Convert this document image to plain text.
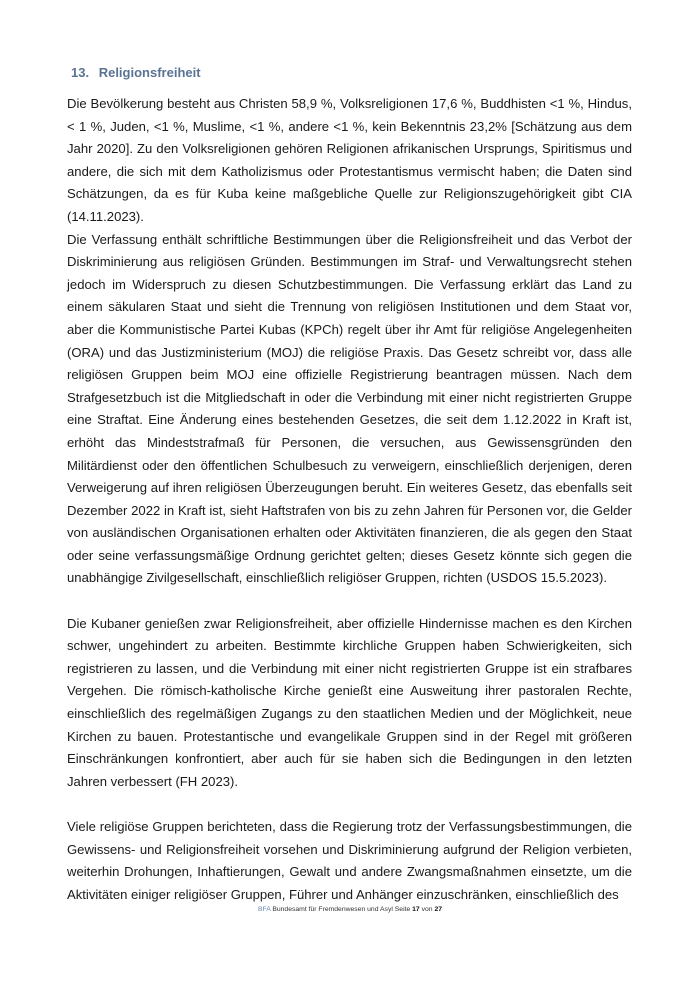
13. Religionsfreiheit

Die Bevölkerung besteht aus Christen 58,9 %, Volksreligionen 17,6 %, Buddhisten <1 %, Hindus, < 1 %, Juden, <1 %, Muslime, <1 %, andere <1 %, kein Bekenntnis 23,2% [Schätzung aus dem Jahr 2020]. Zu den Volksreligionen gehören Religionen afrikanischen Ursprungs, Spiritismus und andere, die sich mit dem Katholizismus oder Protestantismus vermischt haben; die Daten sind Schätzungen, da es für Kuba keine maßgebliche Quelle zur Religionszugehörigkeit gibt CIA (14.11.2023).

Die Verfassung enthält schriftliche Bestimmungen über die Religionsfreiheit und das Verbot der Diskriminierung aus religiösen Gründen. Bestimmungen im Straf- und Verwaltungsrecht stehen jedoch im Widerspruch zu diesen Schutzbestimmungen. Die Verfassung erklärt das Land zu einem säkularen Staat und sieht die Trennung von religiösen Institutionen und dem Staat vor, aber die Kommunistische Partei Kubas (KPCh) regelt über ihr Amt für religiöse Angelegenheiten (ORA) und das Justizministerium (MOJ) die religiöse Praxis. Das Gesetz schreibt vor, dass alle religiösen Gruppen beim MOJ eine offizielle Registrierung beantragen müssen. Nach dem Strafgesetzbuch ist die Mitgliedschaft in oder die Verbindung mit einer nicht registrierten Gruppe eine Straftat. Eine Änderung eines bestehenden Gesetzes, die seit dem 1.12.2022 in Kraft ist, erhöht das Mindeststrafmaß für Personen, die versuchen, aus Gewissensgründen den Militärdienst oder den öffentlichen Schulbesuch zu verweigern, einschließlich derjenigen, deren Verweigerung auf ihren religiösen Überzeugungen beruht. Ein weiteres Gesetz, das ebenfalls seit Dezember 2022 in Kraft ist, sieht Haftstrafen von bis zu zehn Jahren für Personen vor, die Gelder von ausländischen Organisationen erhalten oder Aktivitäten finanzieren, die als gegen den Staat oder seine verfassungsmäßige Ordnung gerichtet gelten; dieses Gesetz könnte sich gegen die unabhängige Zivilgesellschaft, einschließlich religiöser Gruppen, richten (USDOS 15.5.2023).

Die Kubaner genießen zwar Religionsfreiheit, aber offizielle Hindernisse machen es den Kirchen schwer, ungehindert zu arbeiten. Bestimmte kirchliche Gruppen haben Schwierigkeiten, sich registrieren zu lassen, und die Verbindung mit einer nicht registrierten Gruppe ist ein strafbares Vergehen. Die römisch-katholische Kirche genießt eine Ausweitung ihrer pastoralen Rechte, einschließlich des regelmäßigen Zugangs zu den staatlichen Medien und der Möglichkeit, neue Kirchen zu bauen. Protestantische und evangelikale Gruppen sind in der Regel mit größeren Einschränkungen konfrontiert, aber auch für sie haben sich die Bedingungen in den letzten Jahren verbessert (FH 2023).

Viele religiöse Gruppen berichteten, dass die Regierung trotz der Verfassungsbestimmungen, die Gewissens- und Religionsfreiheit vorsehen und Diskriminierung aufgrund der Religion verbieten, weiterhin Drohungen, Inhaftierungen, Gewalt und andere Zwangsmaßnahmen einsetzte, um die Aktivitäten einiger religiöser Gruppen, Führer und Anhänger einzuschränken, einschließlich des

BFA Bundesamt für Fremdenwesen und Asyl Seite 17 von 27
